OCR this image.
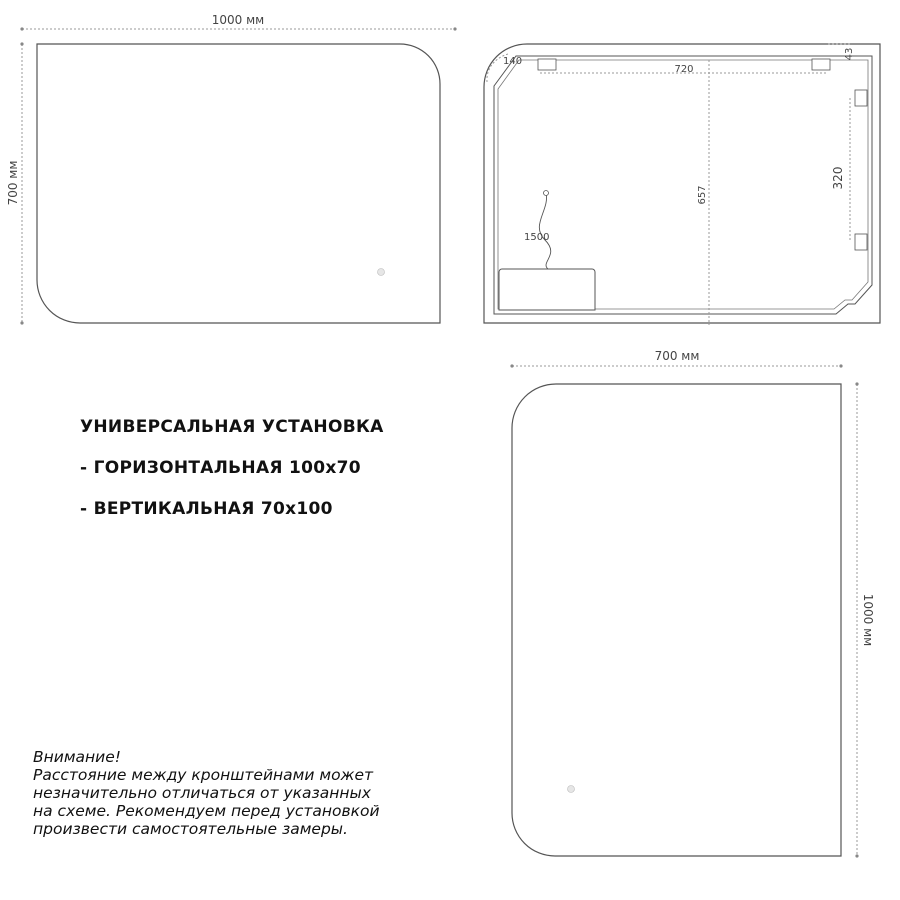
1000 мм
700 мм
140
43
720
657
320
1500
700 мм
1000 мм
УНИВЕРСАЛЬНАЯ УСТАНОВКА
- ГОРИЗОНТАЛЬНАЯ 100x70
- ВЕРТИКАЛЬНАЯ 70x100
Внимание!
Расстояние между кронштейнами может
незначительно отличаться от указанных
на схеме. Рекомендуем перед установкой
произвести самостоятельные замеры.
